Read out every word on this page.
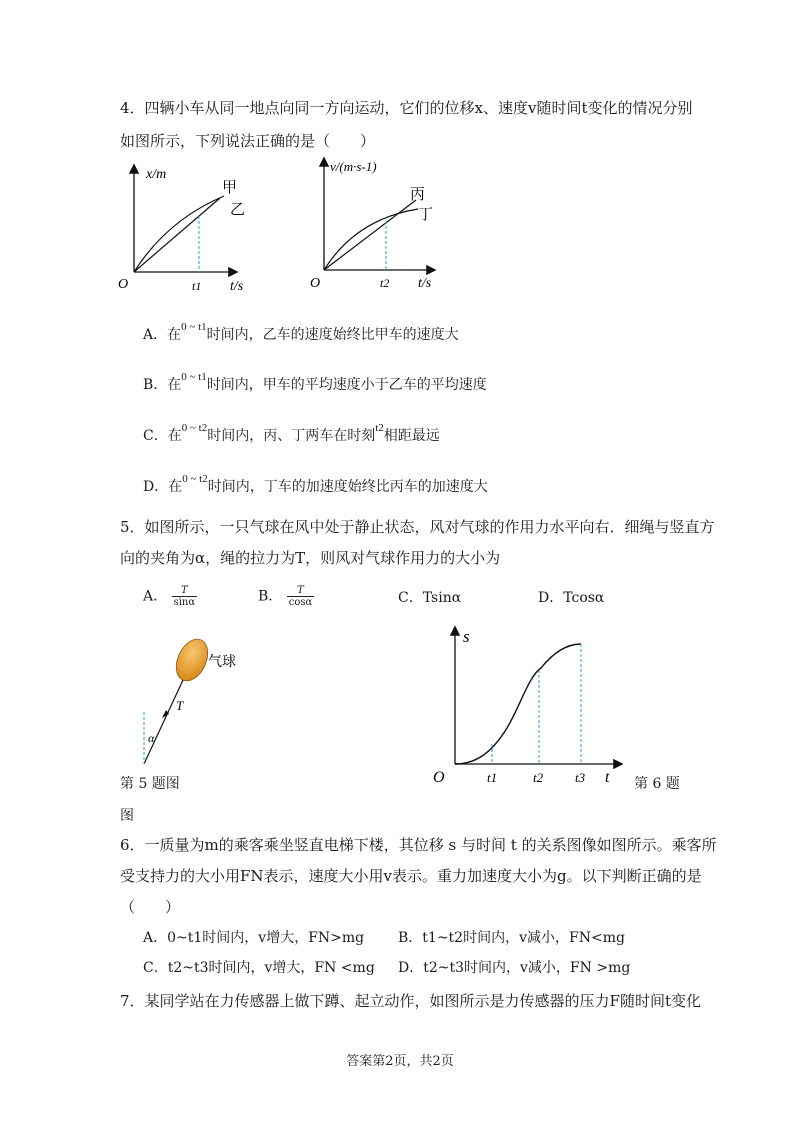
4．四辆小车从同一地点向同一方向运动，它们的位移x、速度v随时间t变化的情况分别
如图所示，下列说法正确的是（　　）
x/m
O	t1 t/s
甲
乙
v/(m·s-1)
O	t2 t/s
丙
丁
A．在$^{0 \sim t1}$时间内，乙车的速度始终比甲车的速度大
B．在$^{0 \sim t1}$时间内，甲车的平均速度小于乙车的平均速度
C．在$^{0 \sim t2}$时间内，丙、丁两车在时刻$^{t2}$相距最远
D．在$^{0 \sim t2}$时间内，丁车的加速度始终比丙车的加速度大
5．如图所示，一只气球在风中处于静止状态，风对气球的作用力水平向右．细绳与竖直方
向的夹角为α，绳的拉力为T，则风对气球作用力的大小为
A． $\frac{T}{\sin\alpha}$	B． $\frac{T}{\cos\alpha}$	C．Tsinα	D．Tcosα
气球
T
α
第 5 题图
图
s
O	t1	t2 t3 t 第 6 题
6．一质量为m的乘客乘坐竖直电梯下楼，其位移 s 与时间 t 的关系图像如图所示。乘客所
受支持力的大小用FN表示，速度大小用v表示。重力加速度大小为g。以下判断正确的是
（　　）
A．0~t1时间内，v增大，FN>mg B．t1~t2时间内，v减小，FN<mg
C．t2~t3时间内，v增大，FN <mg D．t2~t3时间内，v减小，FN >mg
7．某同学站在力传感器上做下蹲、起立动作，如图所示是力传感器的压力F随时间t变化
答案第2页，共2页
